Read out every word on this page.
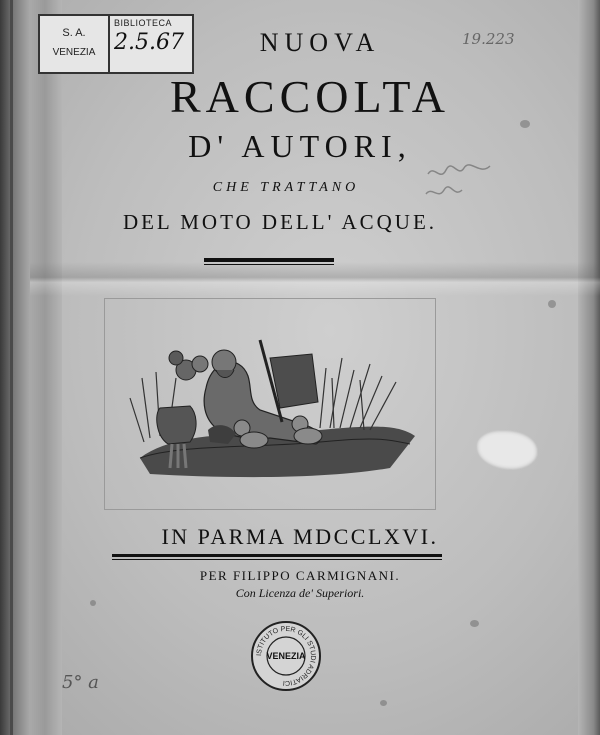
S. A.
VENEZIA
BIBLIOTECA
2.5.67	19.223
NUOVA
RACCOLTA
D' AUTORI,
CHE TRATTANO
DEL MOTO DELL' ACQUE.
IN PARMA MDCCLXVI.
PER FILIPPO CARMIGNANI.
Con Licenza de' Superiori.
ISTITUTO PER GLI STUDI ADRIATICI
VENEZIA
5° a
